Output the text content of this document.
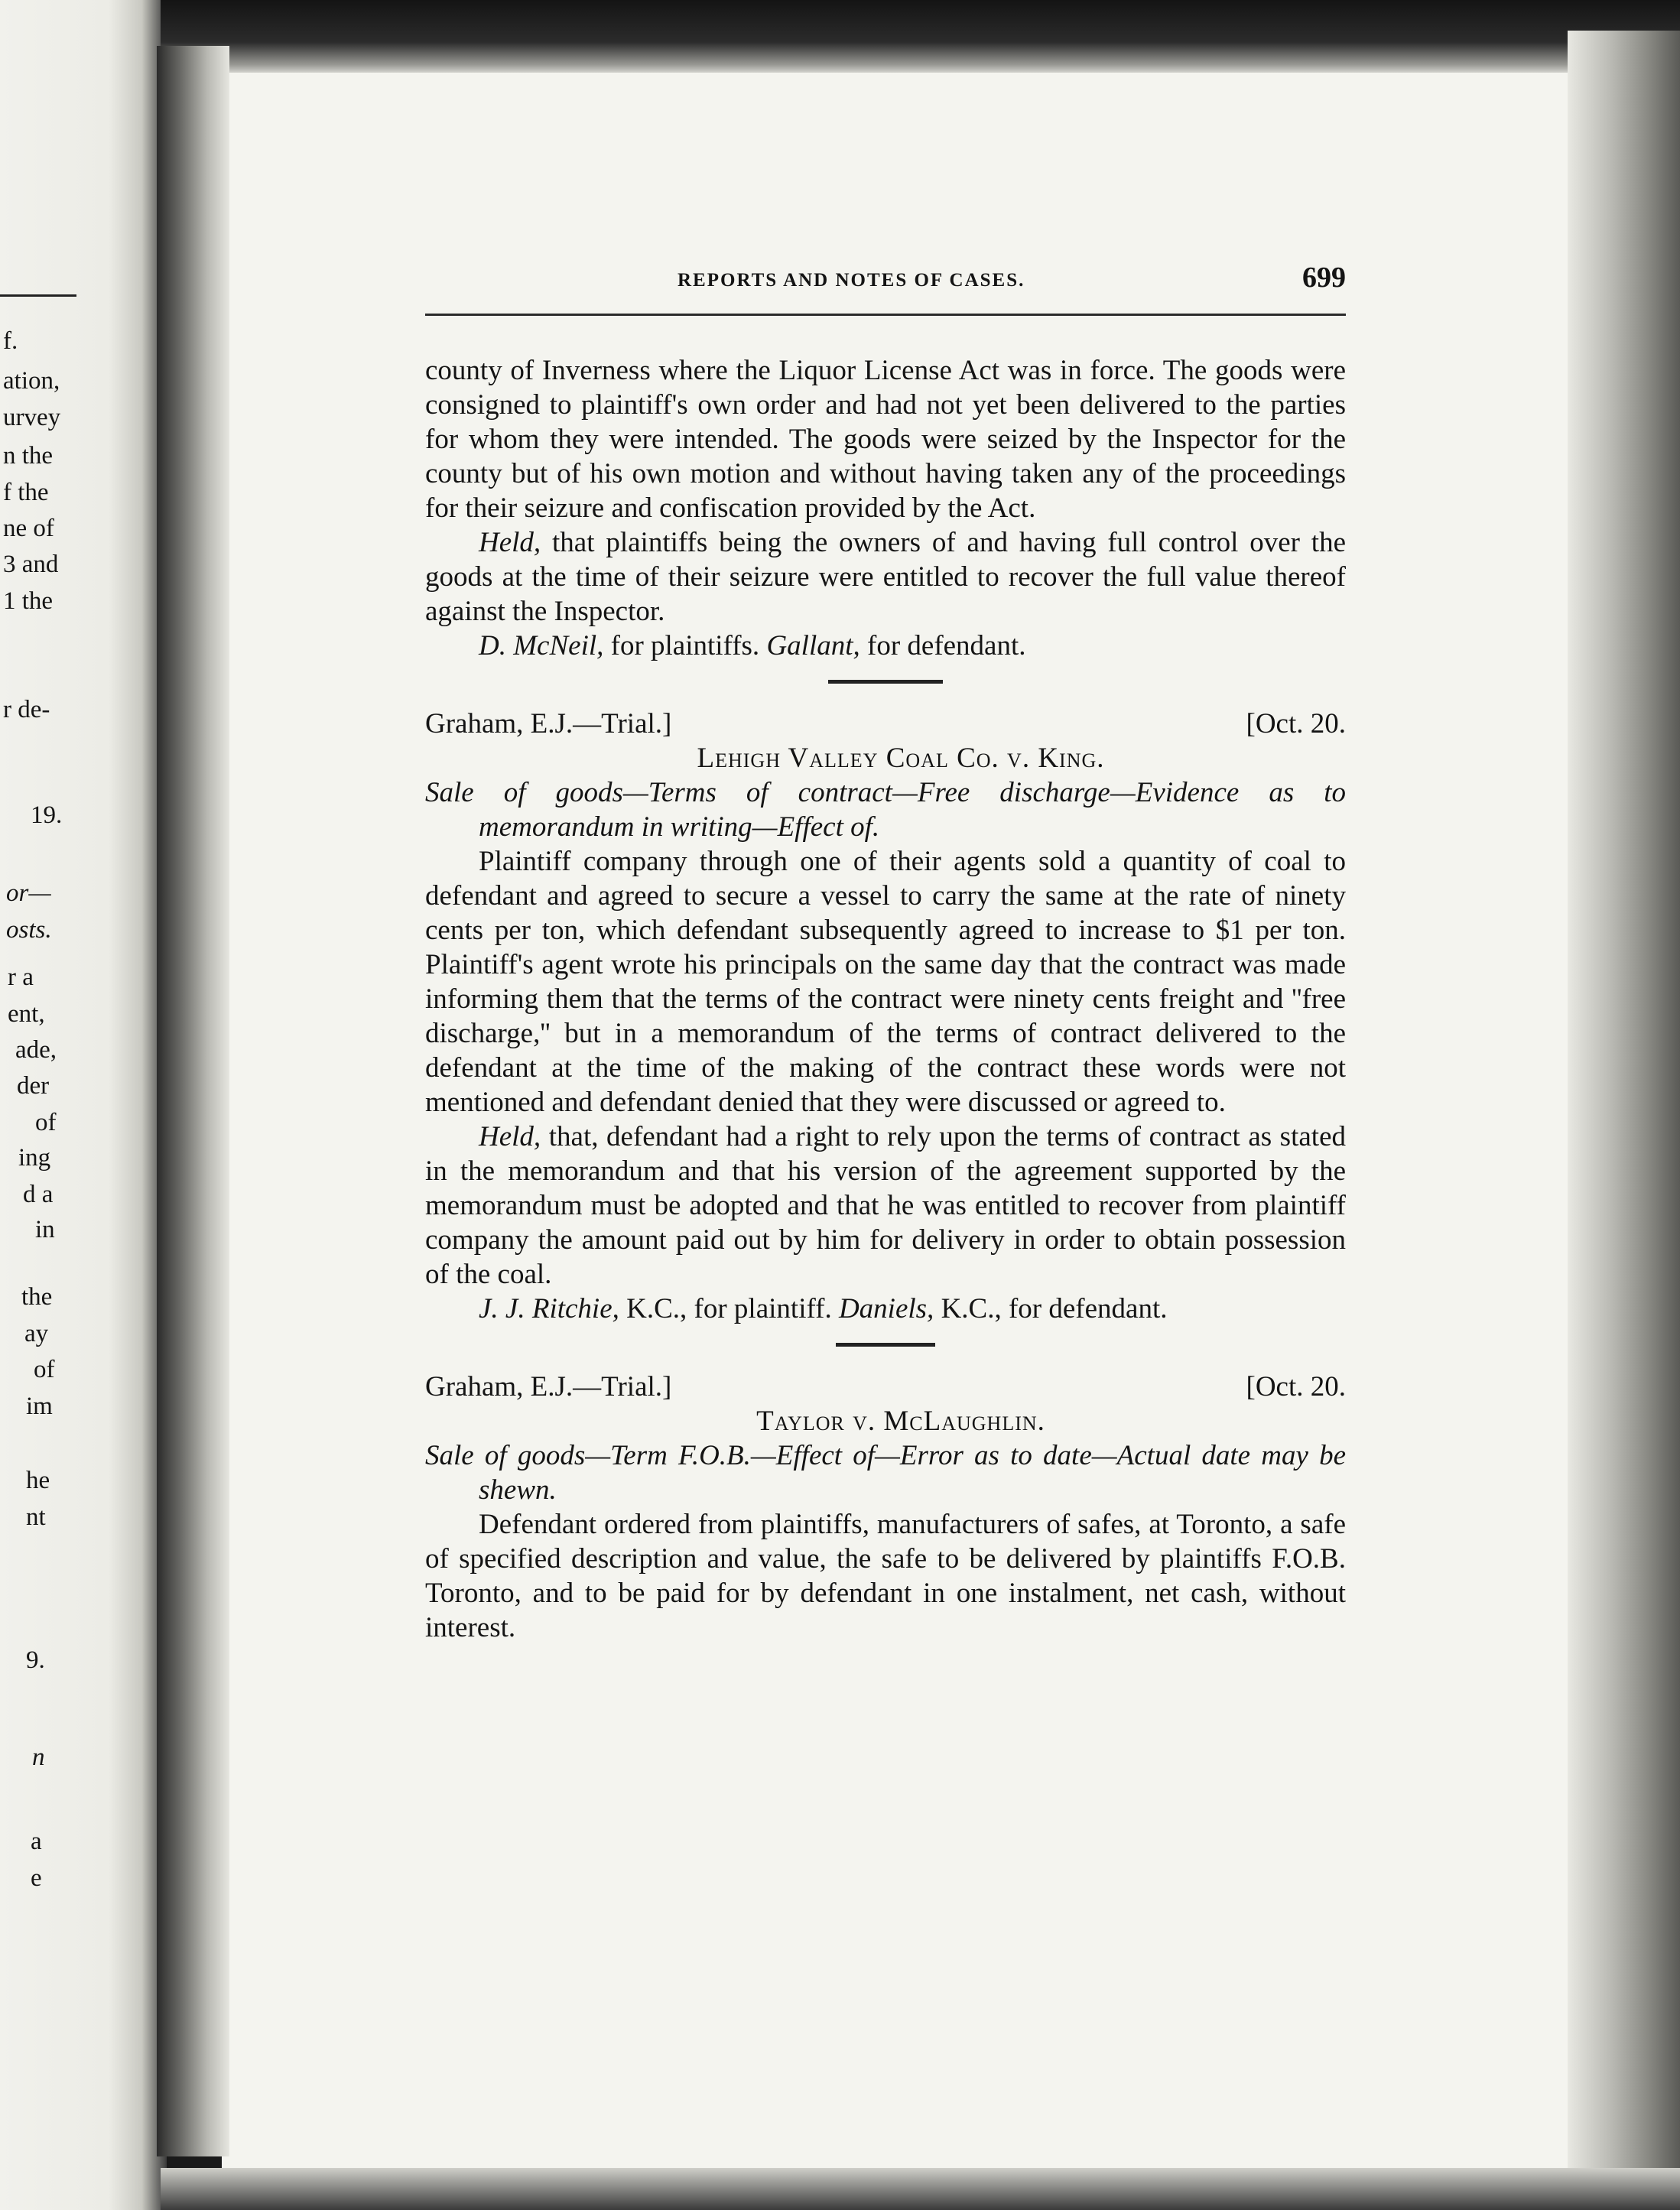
f.
ation,
urvey
n the
f the
ne of
3 and
1 the
r de-
19.
or—
osts.
r a
ent,
ade,
der
of
ing
d a
in
the
ay
of
im
he
nt
9.
n
a
e
REPORTS AND NOTES OF CASES.	699

county of Inverness where the Liquor License Act was in force. The goods were consigned to plaintiff's own order and had not yet been delivered to the parties for whom they were intended. The goods were seized by the Inspector for the county but of his own motion and without having taken any of the proceedings for their seizure and confiscation provided by the Act.

Held, that plaintiffs being the owners of and having full control over the goods at the time of their seizure were entitled to recover the full value thereof against the Inspector.

D. McNeil, for plaintiffs. Gallant, for defendant.

Graham, E.J.—Trial.]	[Oct. 20.
Lehigh Valley Coal Co. v. King.

Sale of goods—Terms of contract—Free discharge—Evidence as to memorandum in writing—Effect of.

Plaintiff company through one of their agents sold a quantity of coal to defendant and agreed to secure a vessel to carry the same at the rate of ninety cents per ton, which defendant subsequently agreed to increase to $1 per ton. Plaintiff's agent wrote his principals on the same day that the contract was made informing them that the terms of the contract were ninety cents freight and ''free discharge,'' but in a memorandum of the terms of contract delivered to the defendant at the time of the making of the contract these words were not mentioned and defendant denied that they were discussed or agreed to.

Held, that, defendant had a right to rely upon the terms of contract as stated in the memorandum and that his version of the agreement supported by the memorandum must be adopted and that he was entitled to recover from plaintiff company the amount paid out by him for delivery in order to obtain possession of the coal.

J. J. Ritchie, K.C., for plaintiff. Daniels, K.C., for defendant.

Graham, E.J.—Trial.]	[Oct. 20.
Taylor v. McLaughlin.

Sale of goods—Term F.O.B.—Effect of—Error as to date—Actual date may be shewn.

Defendant ordered from plaintiffs, manufacturers of safes, at Toronto, a safe of specified description and value, the safe to be delivered by plaintiffs F.O.B. Toronto, and to be paid for by defendant in one instalment, net cash, without interest.
